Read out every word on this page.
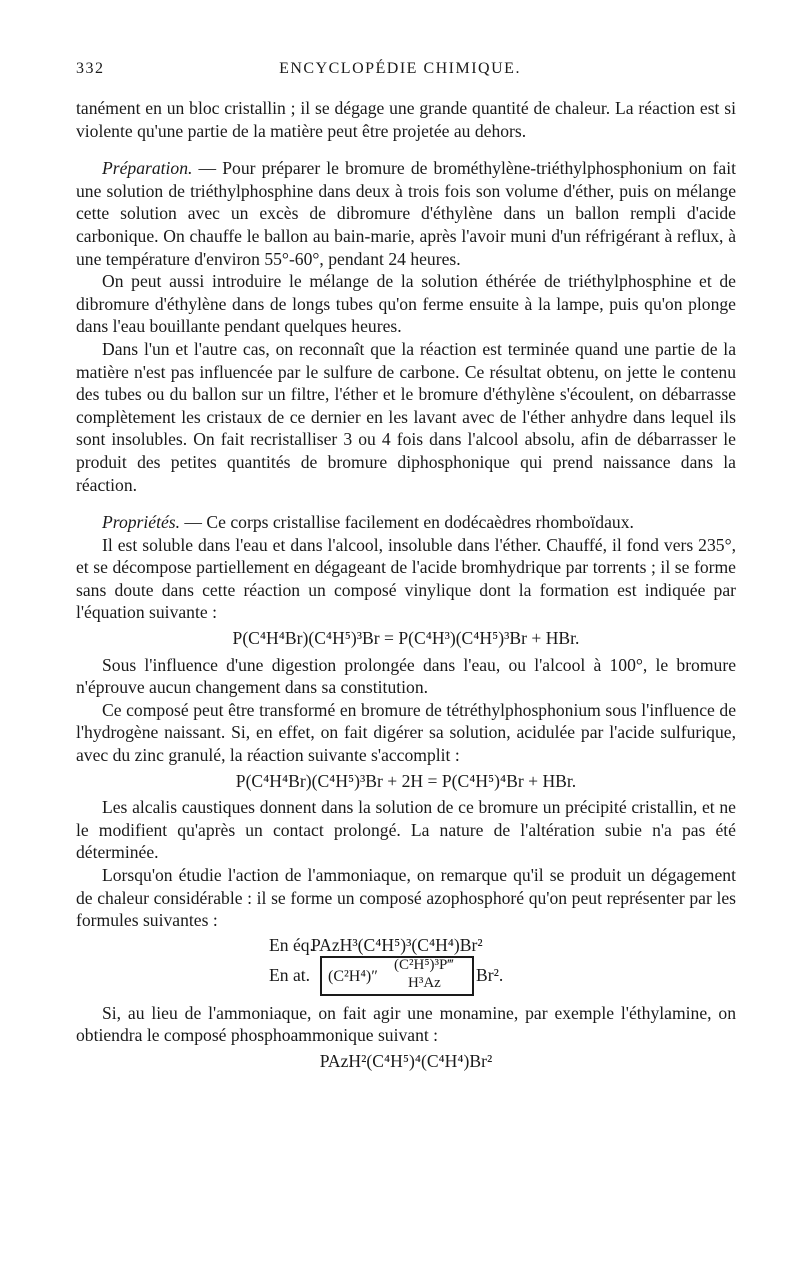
332	ENCYCLOPÉDIE CHIMIQUE.

tanément en un bloc cristallin ; il se dégage une grande quantité de chaleur. La réaction est si violente qu'une partie de la matière peut être projetée au dehors.

Préparation. — Pour préparer le bromure de brométhylène-triéthylphosphonium on fait une solution de triéthylphosphine dans deux à trois fois son volume d'éther, puis on mélange cette solution avec un excès de dibromure d'éthylène dans un ballon rempli d'acide carbonique. On chauffe le ballon au bain-marie, après l'avoir muni d'un réfrigérant à reflux, à une température d'environ 55°-60°, pendant 24 heures.

On peut aussi introduire le mélange de la solution éthérée de triéthylphosphine et de dibromure d'éthylène dans de longs tubes qu'on ferme ensuite à la lampe, puis qu'on plonge dans l'eau bouillante pendant quelques heures.

Dans l'un et l'autre cas, on reconnaît que la réaction est terminée quand une partie de la matière n'est pas influencée par le sulfure de carbone. Ce résultat obtenu, on jette le contenu des tubes ou du ballon sur un filtre, l'éther et le bromure d'éthylène s'écoulent, on débarrasse complètement les cristaux de ce dernier en les lavant avec de l'éther anhydre dans lequel ils sont insolubles. On fait recristalliser 3 ou 4 fois dans l'alcool absolu, afin de débarrasser le produit des petites quantités de bromure diphosphonique qui prend naissance dans la réaction.

Propriétés. — Ce corps cristallise facilement en dodécaèdres rhomboïdaux.

Il est soluble dans l'eau et dans l'alcool, insoluble dans l'éther. Chauffé, il fond vers 235°, et se décompose partiellement en dégageant de l'acide bromhydrique par torrents ; il se forme sans doute dans cette réaction un composé vinylique dont la formation est indiquée par l'équation suivante :

P(C⁴H⁴Br)(C⁴H⁵)³Br = P(C⁴H³)(C⁴H⁵)³Br + HBr.

Sous l'influence d'une digestion prolongée dans l'eau, ou l'alcool à 100°, le bromure n'éprouve aucun changement dans sa constitution.

Ce composé peut être transformé en bromure de tétréthylphosphonium sous l'influence de l'hydrogène naissant. Si, en effet, on fait digérer sa solution, acidulée par l'acide sulfurique, avec du zinc granulé, la réaction suivante s'accomplit :

P(C⁴H⁴Br)(C⁴H⁵)³Br + 2H = P(C⁴H⁵)⁴Br + HBr.

Les alcalis caustiques donnent dans la solution de ce bromure un précipité cristallin, et ne le modifient qu'après un contact prolongé. La nature de l'altération subie n'a pas été déterminée.

Lorsqu'on étudie l'action de l'ammoniaque, on remarque qu'il se produit un dégagement de chaleur considérable : il se forme un composé azophosphoré qu'on peut représenter par les formules suivantes :

En éq.
PAzH³(C⁴H⁵)³(C⁴H⁴)Br²
En at. (C²H⁴)″
(C²H⁵)³P‴
H³Az Br².

Si, au lieu de l'ammoniaque, on fait agir une monamine, par exemple l'éthylamine, on obtiendra le composé phosphoammonique suivant :

PAzH²(C⁴H⁵)⁴(C⁴H⁴)Br²
